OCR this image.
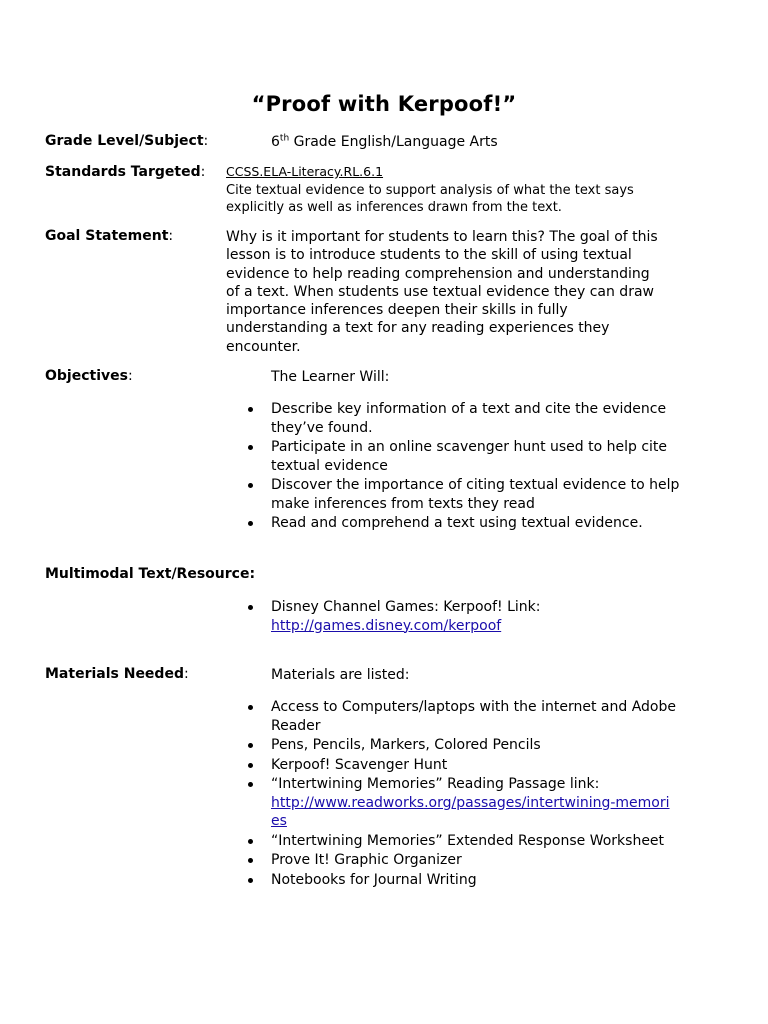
“Proof with Kerpoof!”
Grade Level/Subject:	6th Grade English/Language Arts
Standards Targeted: CCSS.ELA-Literacy.RL.6.1
Cite textual evidence to support analysis of what the text says explicitly as well as inferences drawn from the text.
Goal Statement:	Why is it important for students to learn this? The goal of this lesson is to introduce students to the skill of using textual evidence to help reading comprehension and understanding of a text. When students use textual evidence they can draw importance inferences deepen their skills in fully understanding a text for any reading experiences they encounter.
Objectives:	The Learner Will:
Describe key information of a text and cite the evidence they’ve found.
Participate in an online scavenger hunt used to help cite textual evidence
Discover the importance of citing textual evidence to help make inferences from texts they read
Read and comprehend a text using textual evidence.
Multimodal Text/Resource:
Disney Channel Games: Kerpoof! Link:
http://games.disney.com/kerpoof
Materials Needed:	Materials are listed:
Access to Computers/laptops with the internet and Adobe Reader
Pens, Pencils, Markers, Colored Pencils
Kerpoof! Scavenger Hunt
“Intertwining Memories” Reading Passage link:
http://www.readworks.org/passages/intertwining-memories
“Intertwining Memories” Extended Response Worksheet
Prove It! Graphic Organizer
Notebooks for Journal Writing
